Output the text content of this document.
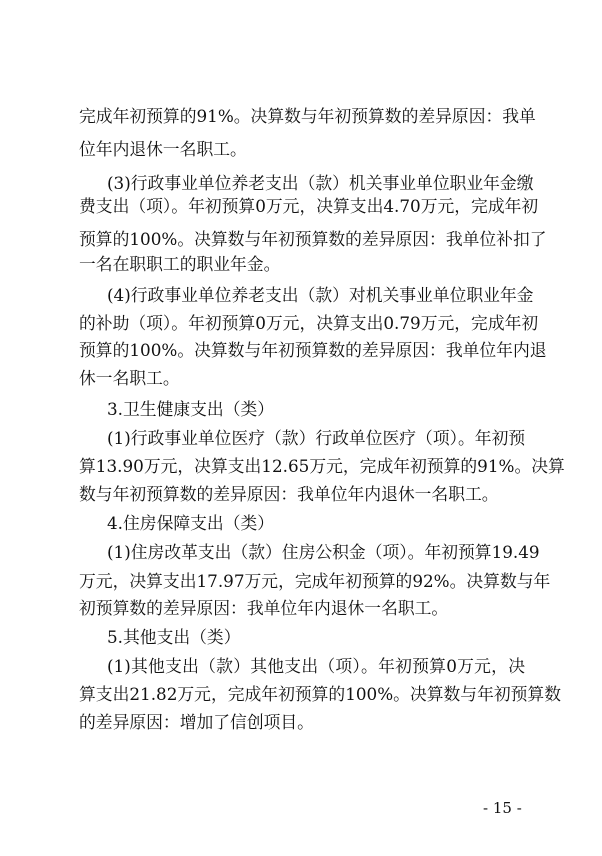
完成年初预算的91%。决算数与年初预算数的差异原因：我单
位年内退休一名职工。
(3)行政事业单位养老支出（款）机关事业单位职业年金缴
费支出（项）。年初预算0万元，决算支出4.70万元，完成年初
预算的100%。决算数与年初预算数的差异原因：我单位补扣了
一名在职职工的职业年金。
(4)行政事业单位养老支出（款）对机关事业单位职业年金
的补助（项）。年初预算0万元，决算支出0.79万元，完成年初
预算的100%。决算数与年初预算数的差异原因：我单位年内退
休一名职工。
3.卫生健康支出（类）
(1)行政事业单位医疗（款）行政单位医疗（项）。年初预
算13.90万元，决算支出12.65万元，完成年初预算的91%。决算
数与年初预算数的差异原因：我单位年内退休一名职工。
4.住房保障支出（类）
(1)住房改革支出（款）住房公积金（项）。年初预算19.49
万元，决算支出17.97万元，完成年初预算的92%。决算数与年
初预算数的差异原因：我单位年内退休一名职工。
5.其他支出（类）
(1)其他支出（款）其他支出（项）。年初预算0万元，决
算支出21.82万元，完成年初预算的100%。决算数与年初预算数
的差异原因：增加了信创项目。
- 15 -
